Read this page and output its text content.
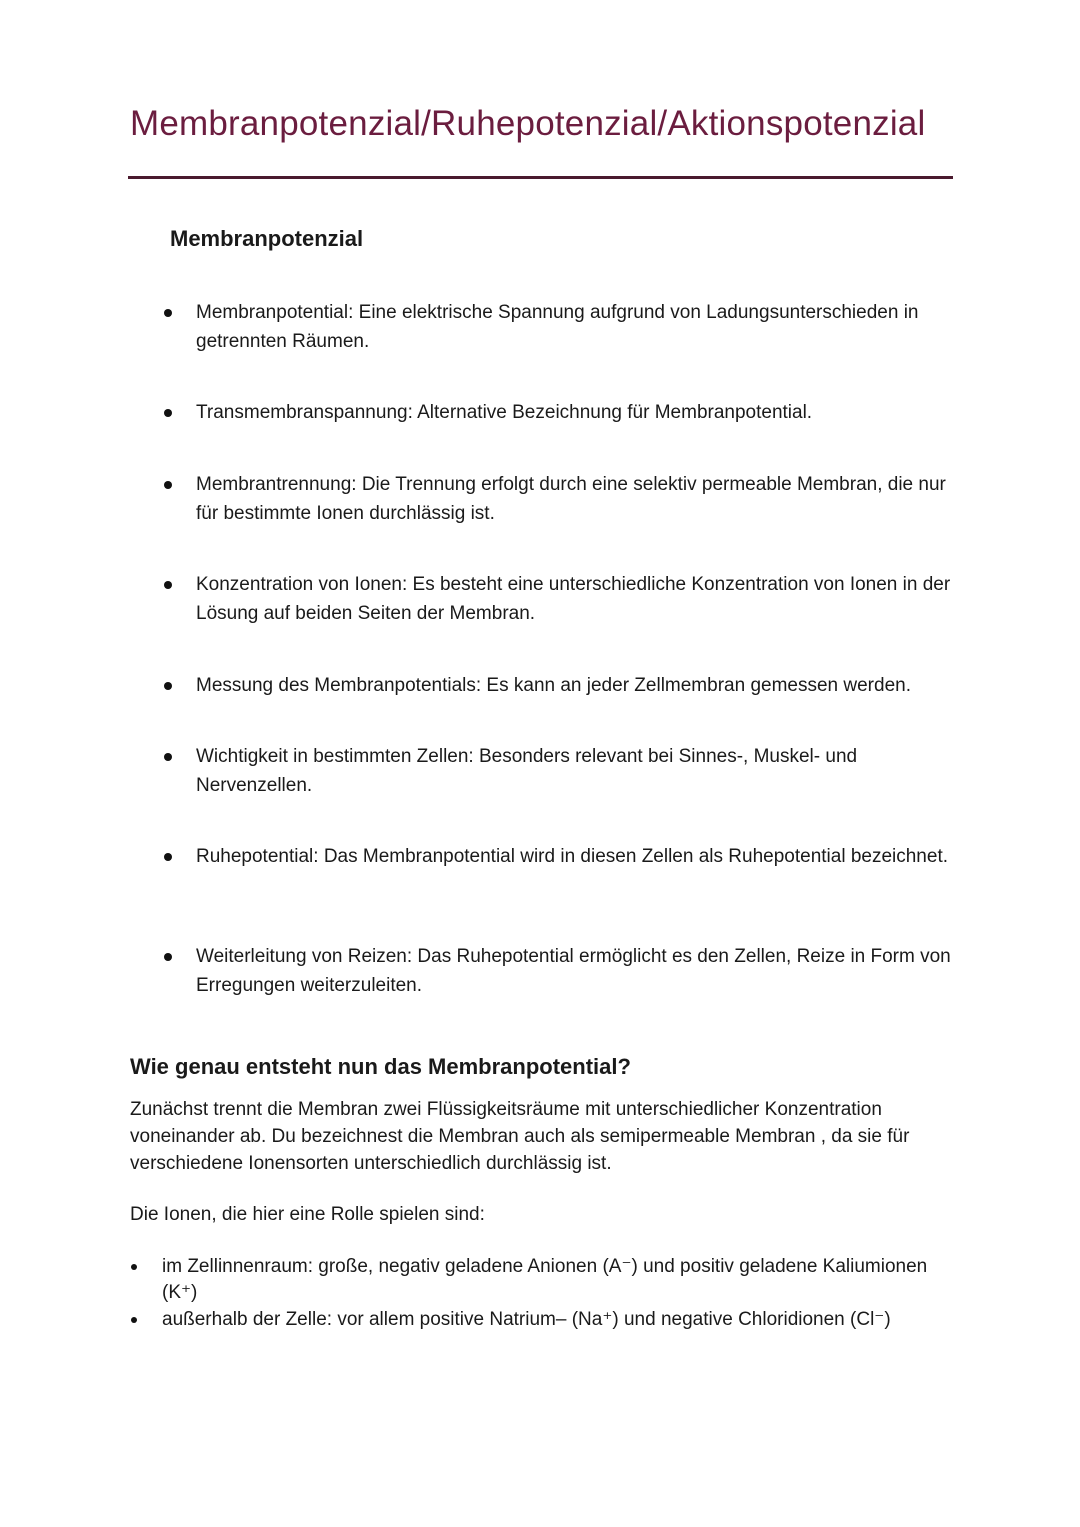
Membranpotenzial/Ruhepotenzial/Aktionspotenzial
Membranpotenzial
Membranpotential: Eine elektrische Spannung aufgrund von Ladungsunterschieden in getrennten Räumen.
Transmembranspannung: Alternative Bezeichnung für Membranpotential.
Membrantrennung: Die Trennung erfolgt durch eine selektiv permeable Membran, die nur für bestimmte Ionen durchlässig ist.
Konzentration von Ionen: Es besteht eine unterschiedliche Konzentration von Ionen in der Lösung auf beiden Seiten der Membran.
Messung des Membranpotentials: Es kann an jeder Zellmembran gemessen werden.
Wichtigkeit in bestimmten Zellen: Besonders relevant bei Sinnes-, Muskel- und Nervenzellen.
Ruhepotential: Das Membranpotential wird in diesen Zellen als Ruhepotential bezeichnet.
Weiterleitung von Reizen: Das Ruhepotential ermöglicht es den Zellen, Reize in Form von Erregungen weiterzuleiten.
Wie genau entsteht nun das Membranpotential?

Zunächst trennt die Membran zwei Flüssigkeitsräume mit unterschiedlicher Konzentration voneinander ab. Du bezeichnest die Membran auch als semipermeable Membran , da sie für verschiedene Ionensorten unterschiedlich durchlässig ist.

Die Ionen, die hier eine Rolle spielen sind:

im Zellinnenraum: große, negativ geladene Anionen (A⁻) und positiv geladene Kaliumionen (K⁺)
außerhalb der Zelle: vor allem positive Natrium– (Na⁺) und negative Chloridionen (Cl⁻)
